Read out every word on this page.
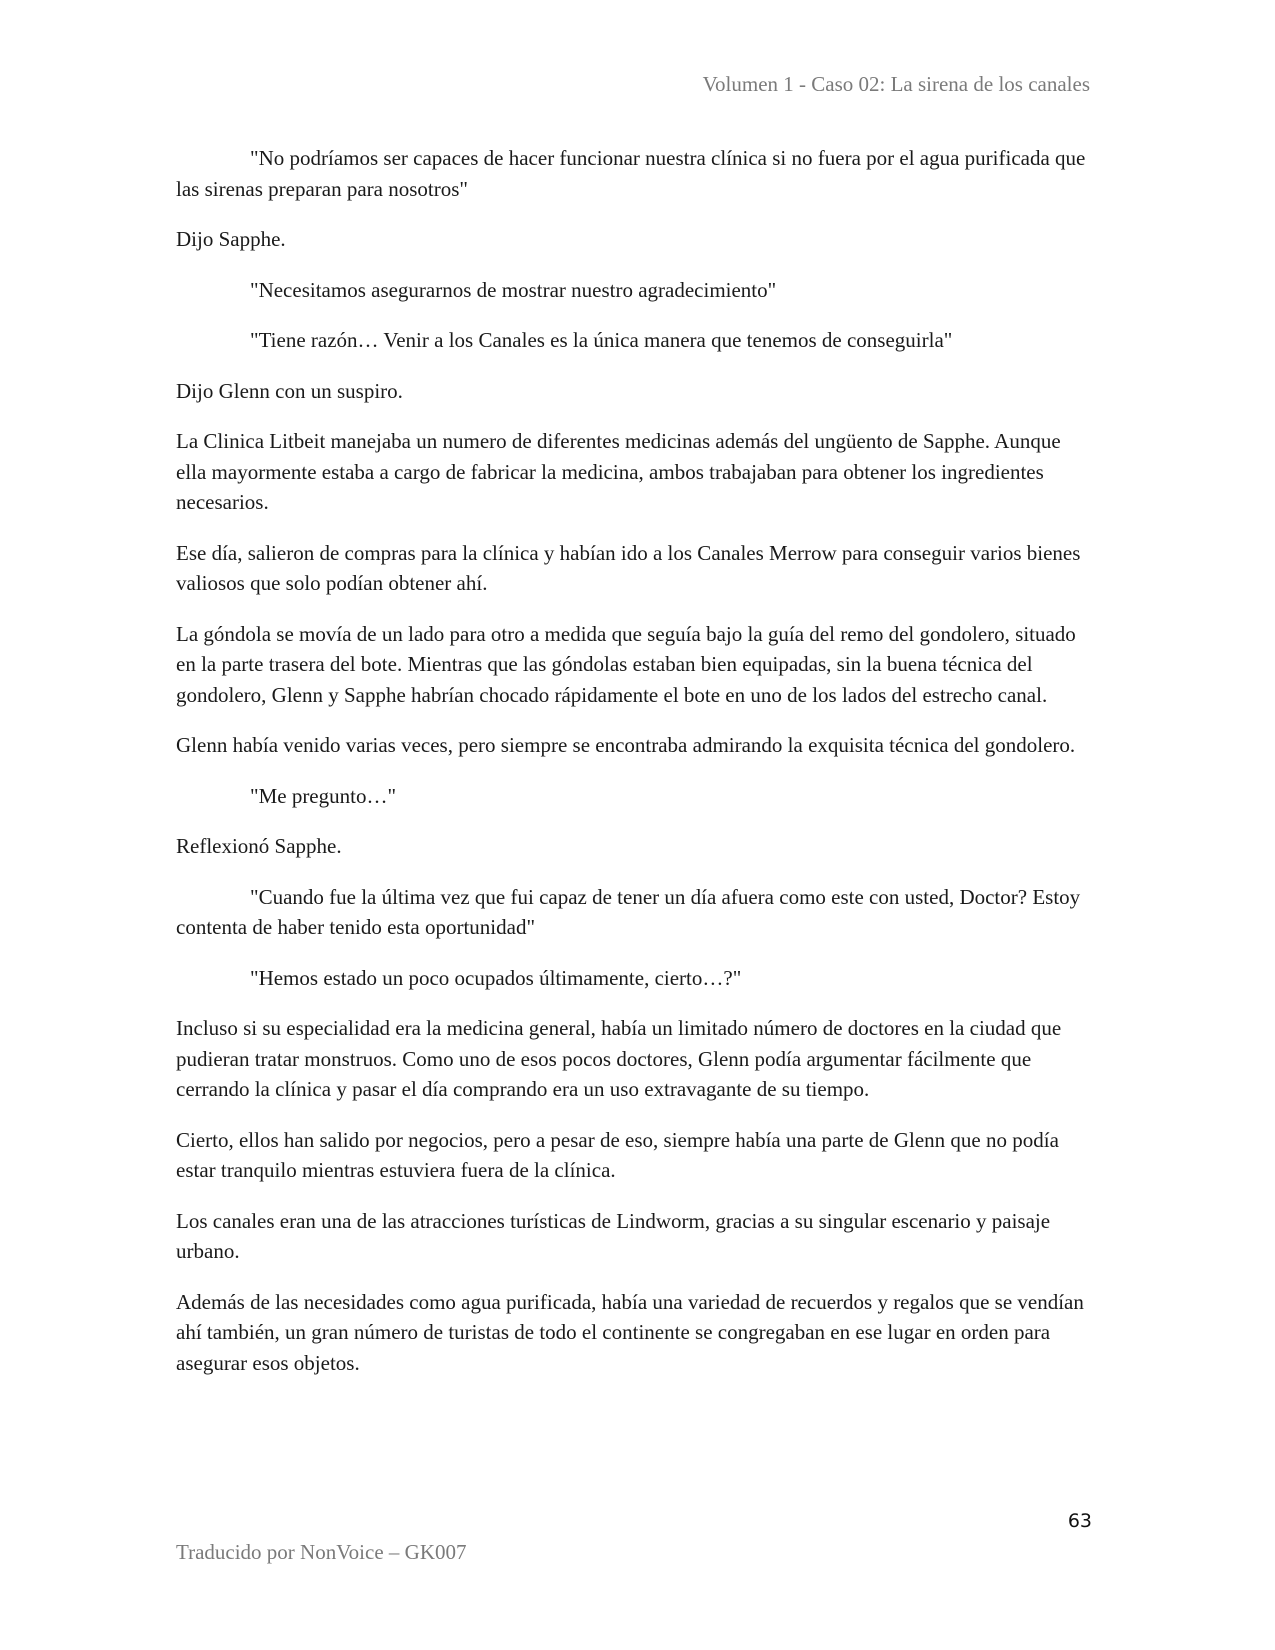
Volumen 1 - Caso 02: La sirena de los canales

"No podríamos ser capaces de hacer funcionar nuestra clínica si no fuera por el agua purificada que las sirenas preparan para nosotros"

Dijo Sapphe.

"Necesitamos asegurarnos de mostrar nuestro agradecimiento"

"Tiene razón… Venir a los Canales es la única manera que tenemos de conseguirla"

Dijo Glenn con un suspiro.

La Clinica Litbeit manejaba un numero de diferentes medicinas además del ungüento de Sapphe. Aunque ella mayormente estaba a cargo de fabricar la medicina, ambos trabajaban para obtener los ingredientes necesarios.

Ese día, salieron de compras para la clínica y habían ido a los Canales Merrow para conseguir varios bienes valiosos que solo podían obtener ahí.

La góndola se movía de un lado para otro a medida que seguía bajo la guía del remo del gondolero, situado en la parte trasera del bote. Mientras que las góndolas estaban bien equipadas, sin la buena técnica del gondolero, Glenn y Sapphe habrían chocado rápidamente el bote en uno de los lados del estrecho canal.

Glenn había venido varias veces, pero siempre se encontraba admirando la exquisita técnica del gondolero.

"Me pregunto…"

Reflexionó Sapphe.

"Cuando fue la última vez que fui capaz de tener un día afuera como este con usted, Doctor? Estoy contenta de haber tenido esta oportunidad"

"Hemos estado un poco ocupados últimamente, cierto…?"

Incluso si su especialidad era la medicina general, había un limitado número de doctores en la ciudad que pudieran tratar monstruos. Como uno de esos pocos doctores, Glenn podía argumentar fácilmente que cerrando la clínica y pasar el día comprando era un uso extravagante de su tiempo.

Cierto, ellos han salido por negocios, pero a pesar de eso, siempre había una parte de Glenn que no podía estar tranquilo mientras estuviera fuera de la clínica.

Los canales eran una de las atracciones turísticas de Lindworm, gracias a su singular escenario y paisaje urbano.

Además de las necesidades como agua purificada, había una variedad de recuerdos y regalos que se vendían ahí también, un gran número de turistas de todo el continente se congregaban en ese lugar en orden para asegurar esos objetos.

63
Traducido por NonVoice – GK007
